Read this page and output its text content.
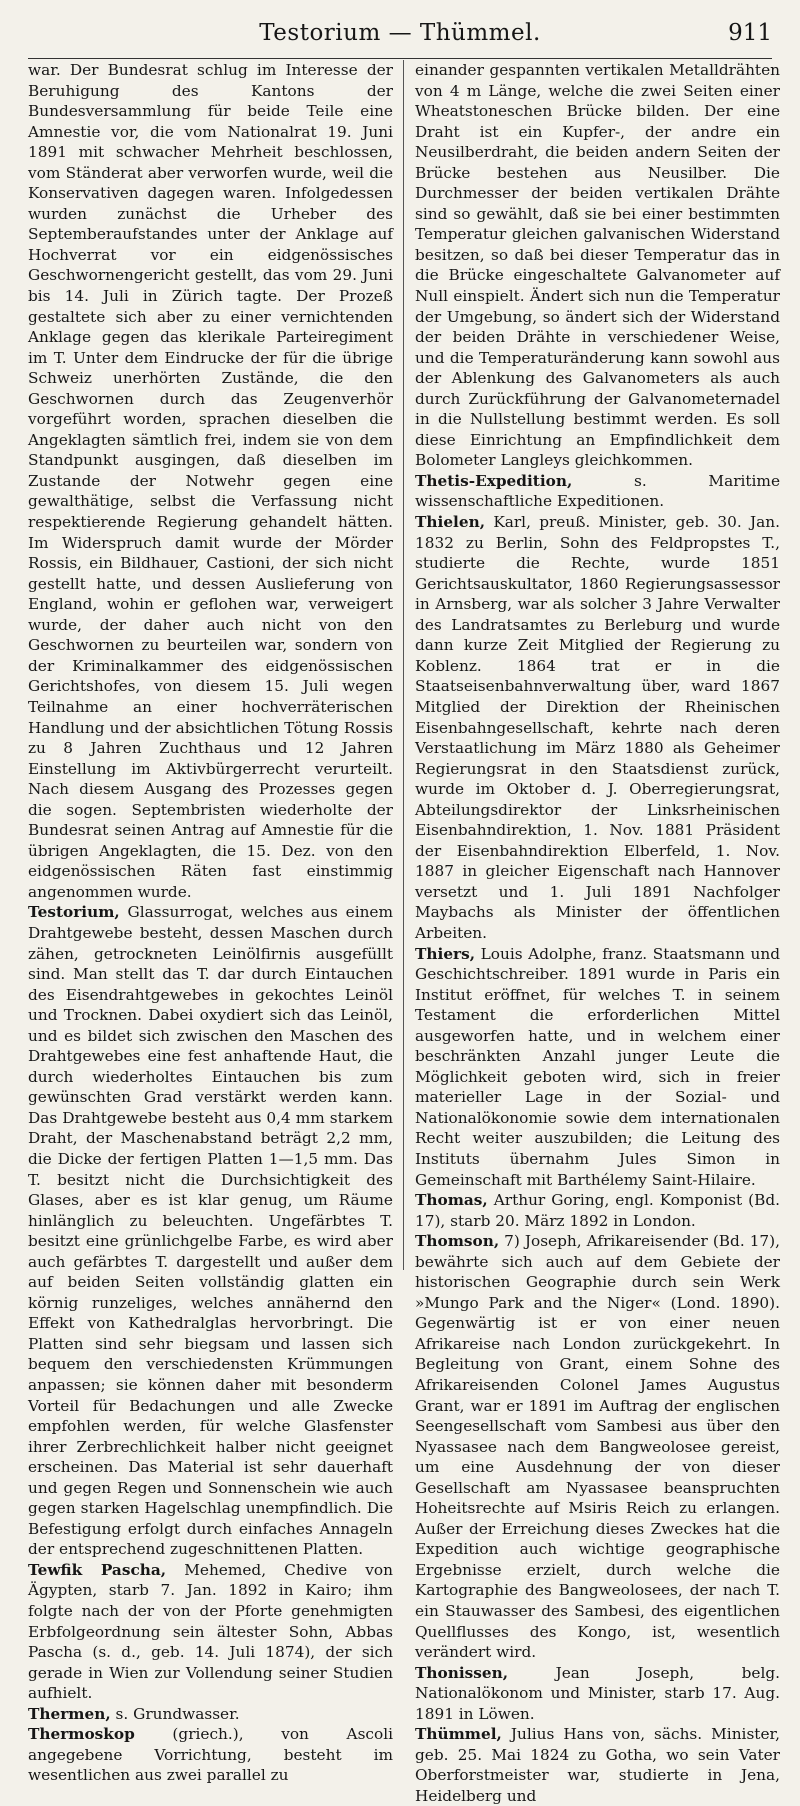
Testorium — Thümmel.	911

war. Der Bundesrat schlug im Interesse der Beruhigung des Kantons der Bundesversammlung für beide Teile eine Amnestie vor, die vom Nationalrat 19. Juni 1891 mit schwacher Mehrheit beschlossen, vom Ständerat aber verworfen wurde, weil die Konservativen dagegen waren. Infolgedessen wurden zunächst die Urheber des Septemberaufstandes unter der Anklage auf Hochverrat vor ein eidgenössisches Geschwornengericht gestellt, das vom 29. Juni bis 14. Juli in Zürich tagte. Der Prozeß gestaltete sich aber zu einer vernichtenden Anklage gegen das klerikale Parteiregiment im T. Unter dem Eindrucke der für die übrige Schweiz unerhörten Zustände, die den Geschwornen durch das Zeugenverhör vorgeführt worden, sprachen dieselben die Angeklagten sämtlich frei, indem sie von dem Standpunkt ausgingen, daß dieselben im Zustande der Notwehr gegen eine gewalthätige, selbst die Verfassung nicht respektierende Regierung gehandelt hätten. Im Widerspruch damit wurde der Mörder Rossis, ein Bildhauer, Castioni, der sich nicht gestellt hatte, und dessen Auslieferung von England, wohin er geflohen war, verweigert wurde, der daher auch nicht von den Geschwornen zu beurteilen war, sondern von der Kriminalkammer des eidgenössischen Gerichtshofes, von diesem 15. Juli wegen Teilnahme an einer hochverräterischen Handlung und der absichtlichen Tötung Rossis zu 8 Jahren Zuchthaus und 12 Jahren Einstellung im Aktivbürgerrecht verurteilt. Nach diesem Ausgang des Prozesses gegen die sogen. Septembristen wiederholte der Bundesrat seinen Antrag auf Amnestie für die übrigen Angeklagten, die 15. Dez. von den eidgenössischen Räten fast einstimmig angenommen wurde.

Testorium, Glassurrogat, welches aus einem Drahtgewebe besteht, dessen Maschen durch zähen, getrockneten Leinölfirnis ausgefüllt sind. Man stellt das T. dar durch Eintauchen des Eisendrahtgewebes in gekochtes Leinöl und Trocknen. Dabei oxydiert sich das Leinöl, und es bildet sich zwischen den Maschen des Drahtgewebes eine fest anhaftende Haut, die durch wiederholtes Eintauchen bis zum gewünschten Grad verstärkt werden kann. Das Drahtgewebe besteht aus 0,4 mm starkem Draht, der Maschenabstand beträgt 2,2 mm, die Dicke der fertigen Platten 1—1,5 mm. Das T. besitzt nicht die Durchsichtigkeit des Glases, aber es ist klar genug, um Räume hinlänglich zu beleuchten. Ungefärbtes T. besitzt eine grünlichgelbe Farbe, es wird aber auch gefärbtes T. dargestellt und außer dem auf beiden Seiten vollständig glatten ein körnig runzeliges, welches annähernd den Effekt von Kathedralglas hervorbringt. Die Platten sind sehr biegsam und lassen sich bequem den verschiedensten Krümmungen anpassen; sie können daher mit besonderm Vorteil für Bedachungen und alle Zwecke empfohlen werden, für welche Glasfenster ihrer Zerbrechlichkeit halber nicht geeignet erscheinen. Das Material ist sehr dauerhaft und gegen Regen und Sonnenschein wie auch gegen starken Hagelschlag unempfindlich. Die Befestigung erfolgt durch einfaches Annageln der entsprechend zugeschnittenen Platten.

Tewfik Pascha, Mehemed, Chedive von Ägypten, starb 7. Jan. 1892 in Kairo; ihm folgte nach der von der Pforte genehmigten Erbfolgeordnung sein ältester Sohn, Abbas Pascha (s. d., geb. 14. Juli 1874), der sich gerade in Wien zur Vollendung seiner Studien aufhielt.

Thermen, s. Grundwasser.

Thermoskop (griech.), von Ascoli angegebene Vorrichtung, besteht im wesentlichen aus zwei parallel zu

einander gespannten vertikalen Metalldrähten von 4 m Länge, welche die zwei Seiten einer Wheatstoneschen Brücke bilden. Der eine Draht ist ein Kupfer-, der andre ein Neusilberdraht, die beiden andern Seiten der Brücke bestehen aus Neusilber. Die Durchmesser der beiden vertikalen Drähte sind so gewählt, daß sie bei einer bestimmten Temperatur gleichen galvanischen Widerstand besitzen, so daß bei dieser Temperatur das in die Brücke eingeschaltete Galvanometer auf Null einspielt. Ändert sich nun die Temperatur der Umgebung, so ändert sich der Widerstand der beiden Drähte in verschiedener Weise, und die Temperaturänderung kann sowohl aus der Ablenkung des Galvanometers als auch durch Zurückführung der Galvanometernadel in die Nullstellung bestimmt werden. Es soll diese Einrichtung an Empfindlichkeit dem Bolometer Langleys gleichkommen.

Thetis-Expedition, s. Maritime wissenschaftliche Expeditionen.

Thielen, Karl, preuß. Minister, geb. 30. Jan. 1832 zu Berlin, Sohn des Feldpropstes T., studierte die Rechte, wurde 1851 Gerichtsauskultator, 1860 Regierungsassessor in Arnsberg, war als solcher 3 Jahre Verwalter des Landratsamtes zu Berleburg und wurde dann kurze Zeit Mitglied der Regierung zu Koblenz. 1864 trat er in die Staatseisenbahnverwaltung über, ward 1867 Mitglied der Direktion der Rheinischen Eisenbahngesellschaft, kehrte nach deren Verstaatlichung im März 1880 als Geheimer Regierungsrat in den Staatsdienst zurück, wurde im Oktober d. J. Oberregierungsrat, Abteilungsdirektor der Linksrheinischen Eisenbahndirektion, 1. Nov. 1881 Präsident der Eisenbahndirektion Elberfeld, 1. Nov. 1887 in gleicher Eigenschaft nach Hannover versetzt und 1. Juli 1891 Nachfolger Maybachs als Minister der öffentlichen Arbeiten.

Thiers, Louis Adolphe, franz. Staatsmann und Geschichtschreiber. 1891 wurde in Paris ein Institut eröffnet, für welches T. in seinem Testament die erforderlichen Mittel ausgeworfen hatte, und in welchem einer beschränkten Anzahl junger Leute die Möglichkeit geboten wird, sich in freier materieller Lage in der Sozial- und Nationalökonomie sowie dem internationalen Recht weiter auszubilden; die Leitung des Instituts übernahm Jules Simon in Gemeinschaft mit Barthélemy Saint-Hilaire.

Thomas, Arthur Goring, engl. Komponist (Bd. 17), starb 20. März 1892 in London.

Thomson, 7) Joseph, Afrikareisender (Bd. 17), bewährte sich auch auf dem Gebiete der historischen Geographie durch sein Werk »Mungo Park and the Niger« (Lond. 1890). Gegenwärtig ist er von einer neuen Afrikareise nach London zurückgekehrt. In Begleitung von Grant, einem Sohne des Afrikareisenden Colonel James Augustus Grant, war er 1891 im Auftrag der englischen Seengesellschaft vom Sambesi aus über den Nyassasee nach dem Bangweolosee gereist, um eine Ausdehnung der von dieser Gesellschaft am Nyassasee beanspruchten Hoheitsrechte auf Msiris Reich zu erlangen. Außer der Erreichung dieses Zweckes hat die Expedition auch wichtige geographische Ergebnisse erzielt, durch welche die Kartographie des Bangweolosees, der nach T. ein Stauwasser des Sambesi, des eigentlichen Quellflusses des Kongo, ist, wesentlich verändert wird.

Thonissen, Jean Joseph, belg. Nationalökonom und Minister, starb 17. Aug. 1891 in Löwen.

Thümmel, Julius Hans von, sächs. Minister, geb. 25. Mai 1824 zu Gotha, wo sein Vater Oberforstmeister war, studierte in Jena, Heidelberg und
